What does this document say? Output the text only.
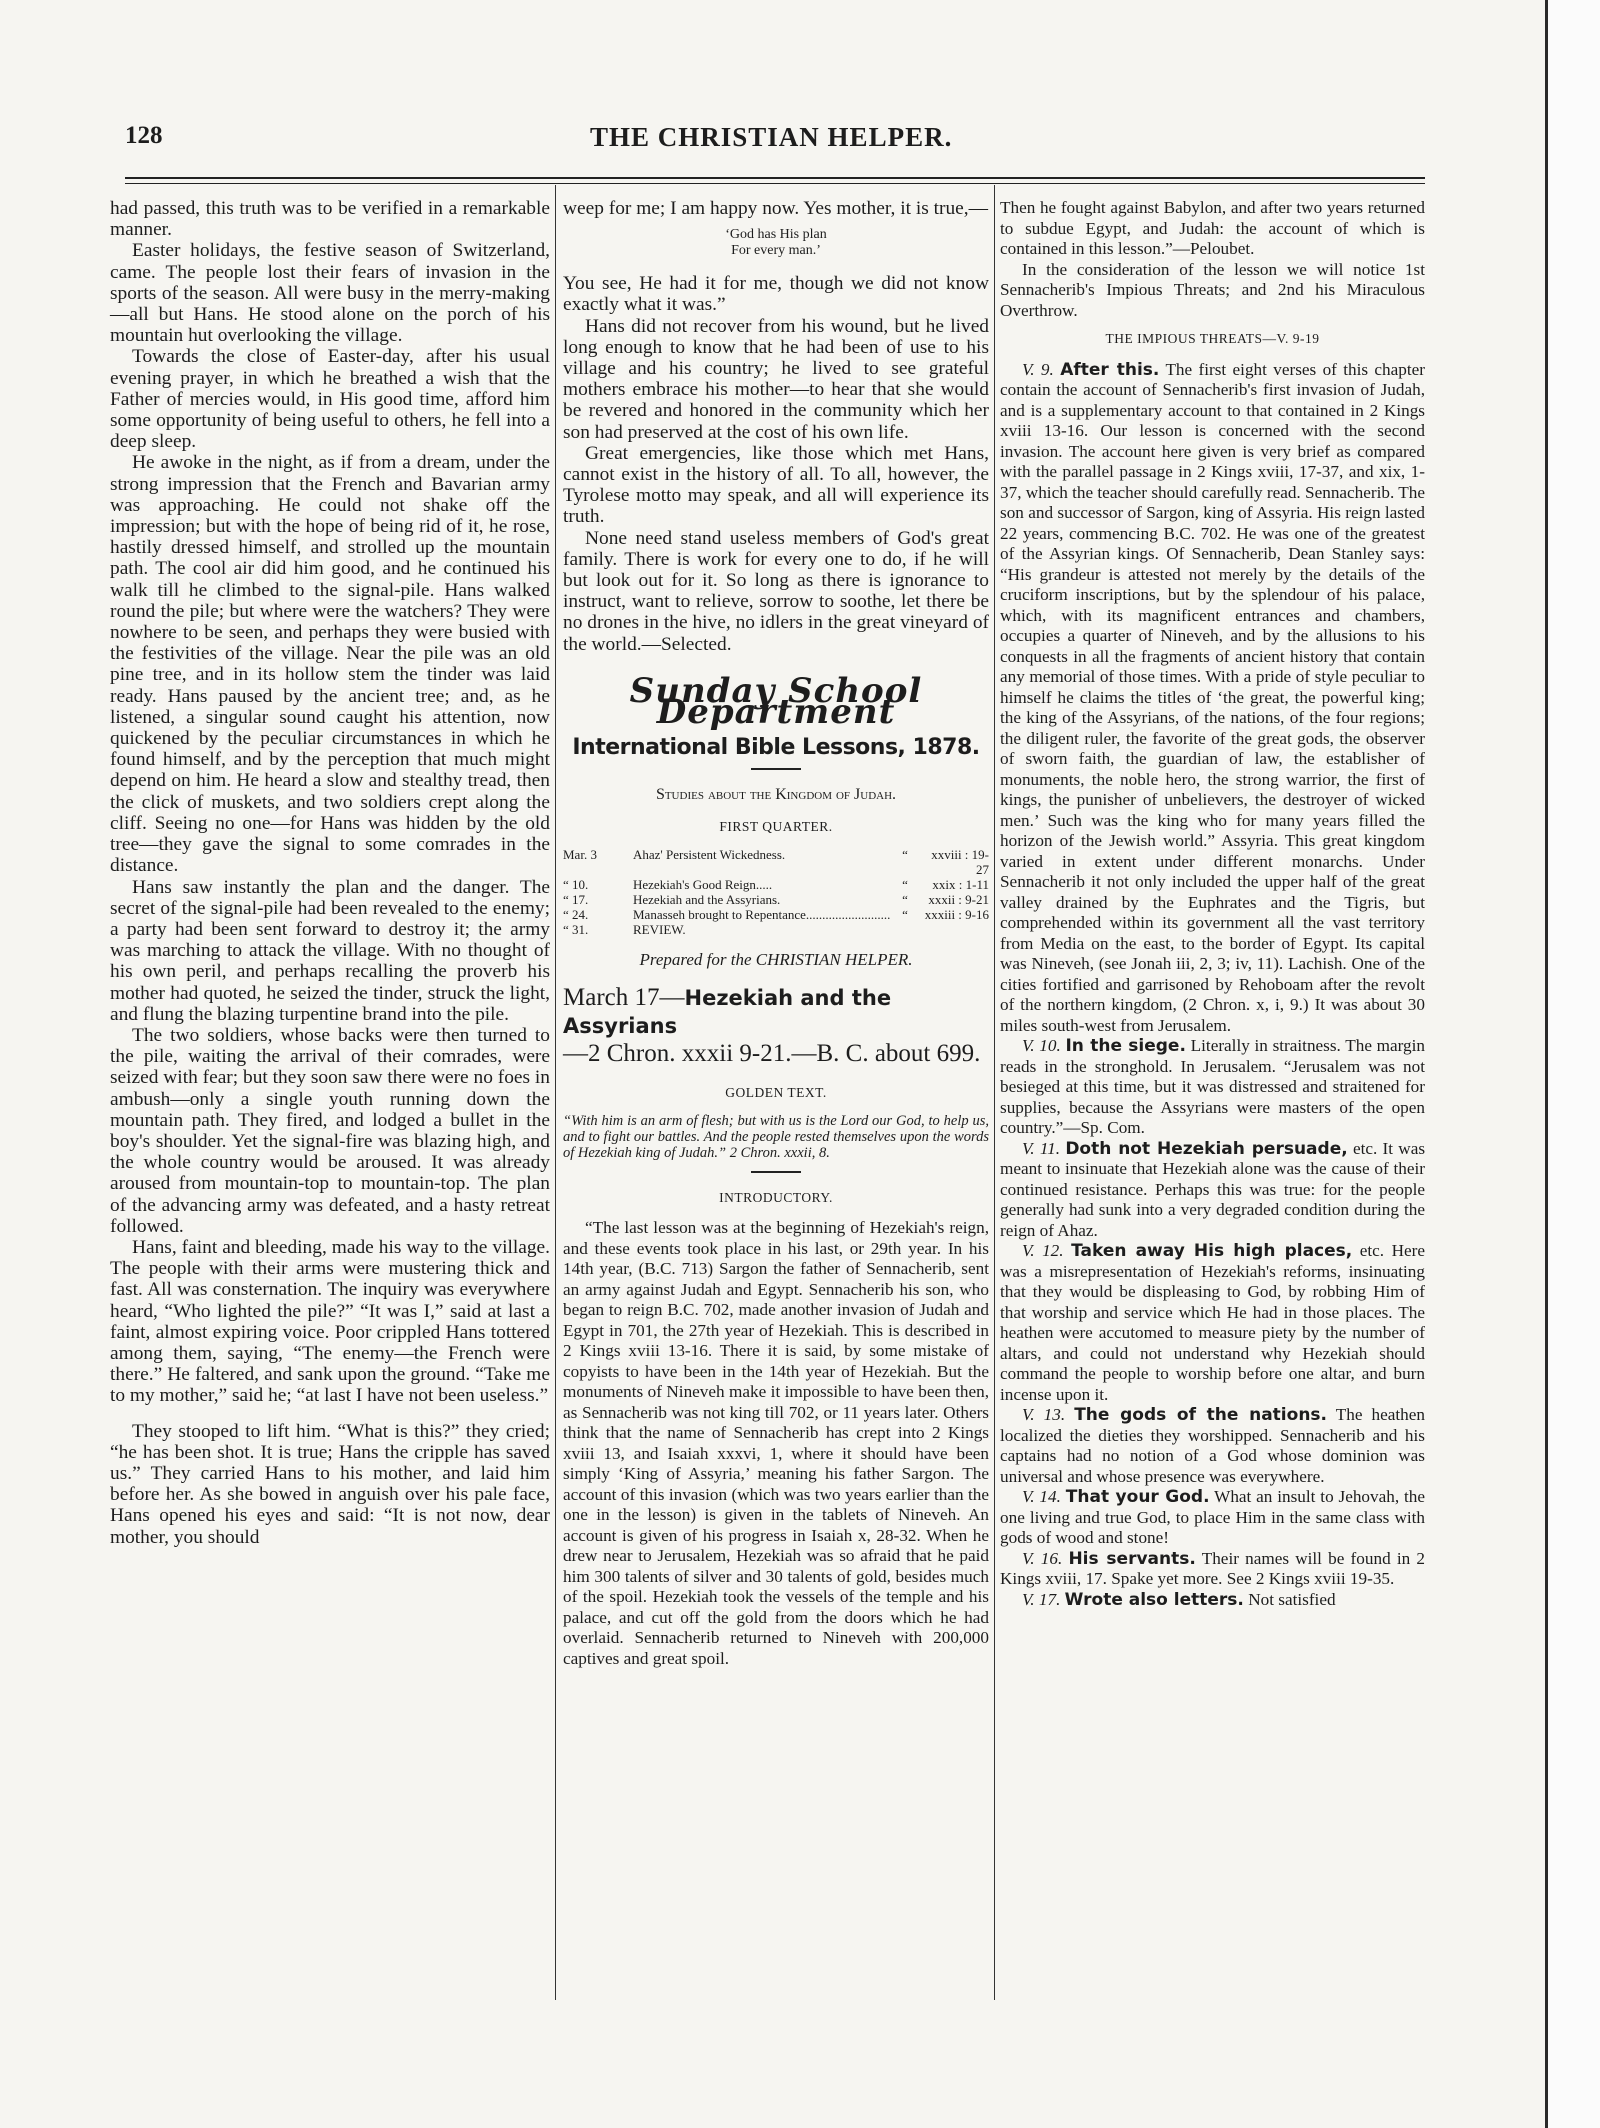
128	THE CHRISTIAN HELPER.

had passed, this truth was to be verified in a remarkable manner.

Easter holidays, the festive season of Switzerland, came. The people lost their fears of invasion in the sports of the season. All were busy in the merry-making—all but Hans. He stood alone on the porch of his mountain hut overlooking the village.

Towards the close of Easter-day, after his usual evening prayer, in which he breathed a wish that the Father of mercies would, in His good time, afford him some opportunity of being useful to others, he fell into a deep sleep.

He awoke in the night, as if from a dream, under the strong impression that the French and Bavarian army was approaching. He could not shake off the impression; but with the hope of being rid of it, he rose, hastily dressed himself, and strolled up the mountain path. The cool air did him good, and he continued his walk till he climbed to the signal-pile. Hans walked round the pile; but where were the watchers? They were nowhere to be seen, and perhaps they were busied with the festivities of the village. Near the pile was an old pine tree, and in its hollow stem the tinder was laid ready. Hans paused by the ancient tree; and, as he listened, a singular sound caught his attention, now quickened by the peculiar circumstances in which he found himself, and by the perception that much might depend on him. He heard a slow and stealthy tread, then the click of muskets, and two soldiers crept along the cliff. Seeing no one—for Hans was hidden by the old tree—they gave the signal to some comrades in the distance.

Hans saw instantly the plan and the danger. The secret of the signal-pile had been revealed to the enemy; a party had been sent forward to destroy it; the army was marching to attack the village. With no thought of his own peril, and perhaps recalling the proverb his mother had quoted, he seized the tinder, struck the light, and flung the blazing turpentine brand into the pile.

The two soldiers, whose backs were then turned to the pile, waiting the arrival of their comrades, were seized with fear; but they soon saw there were no foes in ambush—only a single youth running down the mountain path. They fired, and lodged a bullet in the boy's shoulder. Yet the signal-fire was blazing high, and the whole country would be aroused. It was already aroused from mountain-top to mountain-top. The plan of the advancing army was defeated, and a hasty retreat followed.

Hans, faint and bleeding, made his way to the village. The people with their arms were mustering thick and fast. All was consternation. The inquiry was everywhere heard, “Who lighted the pile?” “It was I,” said at last a faint, almost expiring voice. Poor crippled Hans tottered among them, saying, “The enemy—the French were there.” He faltered, and sank upon the ground. “Take me to my mother,” said he; “at last I have not been useless.”

They stooped to lift him. “What is this?” they cried; “he has been shot. It is true; Hans the cripple has saved us.” They carried Hans to his mother, and laid him before her. As she bowed in anguish over his pale face, Hans opened his eyes and said: “It is not now, dear mother, you should

weep for me; I am happy now. Yes mother, it is true,—

‘God has His plan
For every man.’

You see, He had it for me, though we did not know exactly what it was.”

Hans did not recover from his wound, but he lived long enough to know that he had been of use to his village and his country; he lived to see grateful mothers embrace his mother—to hear that she would be revered and honored in the community which her son had preserved at the cost of his own life.

Great emergencies, like those which met Hans, cannot exist in the history of all. To all, however, the Tyrolese motto may speak, and all will experience its truth.

None need stand useless members of God's great family. There is work for every one to do, if he will but look out for it. So long as there is ignorance to instruct, want to relieve, sorrow to soothe, let there be no drones in the hive, no idlers in the great vineyard of the world.—Selected.

Sunday School Department
International Bible Lessons, 1878.
Studies about the Kingdom of Judah.
FIRST QUARTER.
Mar. 3	Ahaz' Persistent Wickedness.	“	xxviii : 19-27
“ 10.	Hezekiah's Good Reign.....	“	xxix : 1-11
“ 17.	Hezekiah and the Assyrians.	“	xxxii : 9-21
“ 24.	Manasseh brought to Repentance.......................... “	xxxiii : 9-16
“ 31.	REVIEW.
Prepared for the CHRISTIAN HELPER.
March 17—Hezekiah and the Assyrians
—2 Chron. xxxii 9-21.—B. C. about 699.
GOLDEN TEXT.
“With him is an arm of flesh; but with us is the Lord our God, to help us, and to fight our battles. And the people rested themselves upon the words of Hezekiah king of Judah.” 2 Chron. xxxii, 8.
INTRODUCTORY.

“The last lesson was at the beginning of Hezekiah's reign, and these events took place in his last, or 29th year. In his 14th year, (B.C. 713) Sargon the father of Sennacherib, sent an army against Judah and Egypt. Sennacherib his son, who began to reign B.C. 702, made another invasion of Judah and Egypt in 701, the 27th year of Hezekiah. This is described in 2 Kings xviii 13-16. There it is said, by some mistake of copyists to have been in the 14th year of Hezekiah. But the monuments of Nineveh make it impossible to have been then, as Sennacherib was not king till 702, or 11 years later. Others think that the name of Sennacherib has crept into 2 Kings xviii 13, and Isaiah xxxvi, 1, where it should have been simply ‘King of Assyria,’ meaning his father Sargon. The account of this invasion (which was two years earlier than the one in the lesson) is given in the tablets of Nineveh. An account is given of his progress in Isaiah x, 28-32. When he drew near to Jerusalem, Hezekiah was so afraid that he paid him 300 talents of silver and 30 talents of gold, besides much of the spoil. Hezekiah took the vessels of the temple and his palace, and cut off the gold from the doors which he had overlaid. Sennacherib returned to Nineveh with 200,000 captives and great spoil.

Then he fought against Babylon, and after two years returned to subdue Egypt, and Judah: the account of which is contained in this lesson.”—Peloubet.

In the consideration of the lesson we will notice 1st Sennacherib's Impious Threats; and 2nd his Miraculous Overthrow.

THE IMPIOUS THREATS—V. 9-19

V. 9. After this. The first eight verses of this chapter contain the account of Sennacherib's first invasion of Judah, and is a supplementary account to that contained in 2 Kings xviii 13-16. Our lesson is concerned with the second invasion. The account here given is very brief as compared with the parallel passage in 2 Kings xviii, 17-37, and xix, 1-37, which the teacher should carefully read. Sennacherib. The son and successor of Sargon, king of Assyria. His reign lasted 22 years, commencing B.C. 702. He was one of the greatest of the Assyrian kings. Of Sennacherib, Dean Stanley says: “His grandeur is attested not merely by the details of the cruciform inscriptions, but by the splendour of his palace, which, with its magnificent entrances and chambers, occupies a quarter of Nineveh, and by the allusions to his conquests in all the fragments of ancient history that contain any memorial of those times. With a pride of style peculiar to himself he claims the titles of ‘the great, the powerful king; the king of the Assyrians, of the nations, of the four regions; the diligent ruler, the favorite of the great gods, the observer of sworn faith, the guardian of law, the establisher of monuments, the noble hero, the strong warrior, the first of kings, the punisher of unbelievers, the destroyer of wicked men.’ Such was the king who for many years filled the horizon of the Jewish world.” Assyria. This great kingdom varied in extent under different monarchs. Under Sennacherib it not only included the upper half of the great valley drained by the Euphrates and the Tigris, but comprehended within its government all the vast territory from Media on the east, to the border of Egypt. Its capital was Nineveh, (see Jonah iii, 2, 3; iv, 11). Lachish. One of the cities fortified and garrisoned by Rehoboam after the revolt of the northern kingdom, (2 Chron. x, i, 9.) It was about 30 miles south-west from Jerusalem.

V. 10. In the siege. Literally in straitness. The margin reads in the stronghold. In Jerusalem. “Jerusalem was not besieged at this time, but it was distressed and straitened for supplies, because the Assyrians were masters of the open country.”—Sp. Com.

V. 11. Doth not Hezekiah persuade, etc. It was meant to insinuate that Hezekiah alone was the cause of their continued resistance. Perhaps this was true: for the people generally had sunk into a very degraded condition during the reign of Ahaz.

V. 12. Taken away His high places, etc. Here was a misrepresentation of Hezekiah's reforms, insinuating that they would be displeasing to God, by robbing Him of that worship and service which He had in those places. The heathen were accutomed to measure piety by the number of altars, and could not understand why Hezekiah should command the people to worship before one altar, and burn incense upon it.

V. 13. The gods of the nations. The heathen localized the dieties they worshipped. Sennacherib and his captains had no notion of a God whose dominion was universal and whose presence was everywhere.

V. 14. That your God. What an insult to Jehovah, the one living and true God, to place Him in the same class with gods of wood and stone!

V. 16. His servants. Their names will be found in 2 Kings xviii, 17. Spake yet more. See 2 Kings xviii 19-35.

V. 17. Wrote also letters. Not satisfied
